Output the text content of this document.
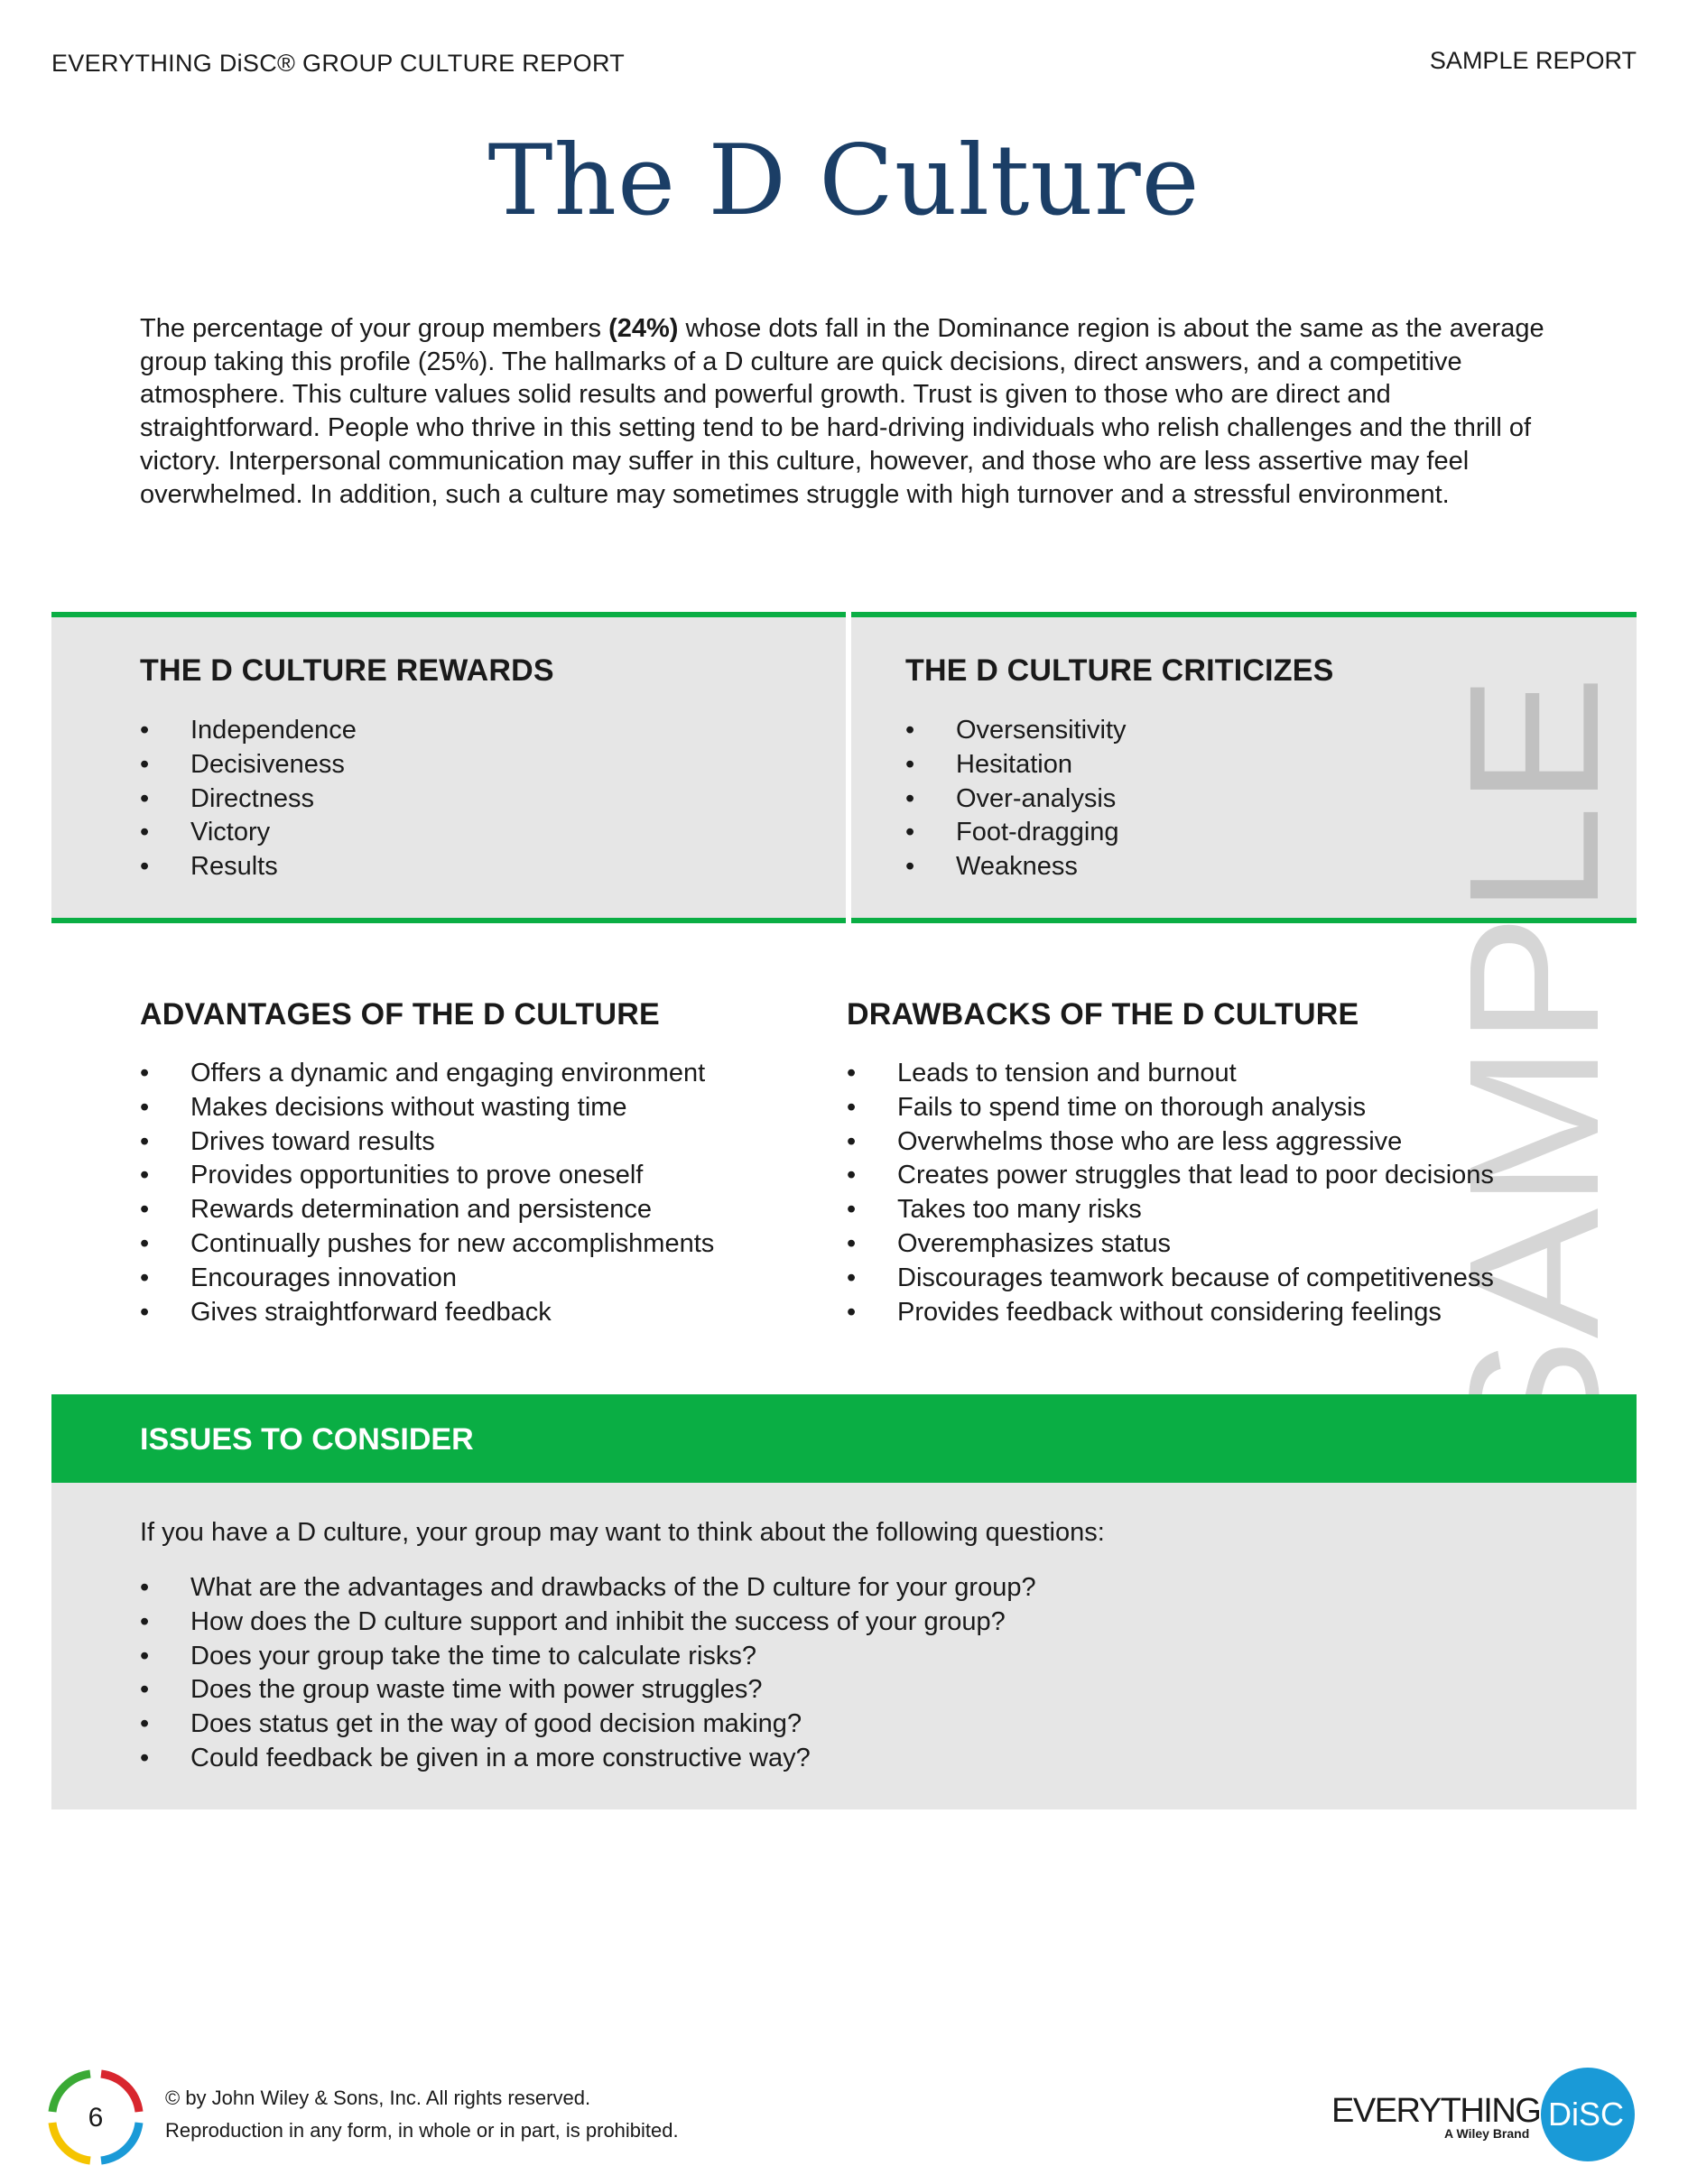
EVERYTHING DiSC® GROUP CULTURE REPORT	SAMPLE REPORT
The D Culture
The percentage of your group members (24%) whose dots fall in the Dominance region is about the same as the average group taking this profile (25%). The hallmarks of a D culture are quick decisions, direct answers, and a competitive atmosphere. This culture values solid results and powerful growth. Trust is given to those who are direct and straightforward. People who thrive in this setting tend to be hard-driving individuals who relish challenges and the thrill of victory. Interpersonal communication may suffer in this culture, however, and those who are less assertive may feel overwhelmed. In addition, such a culture may sometimes struggle with high turnover and a stressful environment.
THE D CULTURE REWARDS
• Independence
• Decisiveness
• Directness
• Victory
• Results
THE D CULTURE CRITICIZES
• Oversensitivity
• Hesitation
• Over-analysis
• Foot-dragging
• Weakness SAMPLE
ADVANTAGES OF THE D CULTURE
• Offers a dynamic and engaging environment
• Makes decisions without wasting time
• Drives toward results
• Provides opportunities to prove oneself
• Rewards determination and persistence
• Continually pushes for new accomplishments
• Encourages innovation
• Gives straightforward feedback
DRAWBACKS OF THE D CULTURE
• Leads to tension and burnout
• Fails to spend time on thorough analysis
• Overwhelms those who are less aggressive
• Creates power struggles that lead to poor decisions
• Takes too many risks
• Overemphasizes status
• Discourages teamwork because of competitiveness
• Provides feedback without considering feelings
ISSUES TO CONSIDER
If you have a D culture, your group may want to think about the following questions:
• What are the advantages and drawbacks of the D culture for your group?
• How does the D culture support and inhibit the success of your group?
• Does your group take the time to calculate risks?
• Does the group waste time with power struggles?
• Does status get in the way of good decision making?
• Could feedback be given in a more constructive way?
6
© by John Wiley & Sons, Inc. All rights reserved.
Reproduction in any form, in whole or in part, is prohibited.
EVERYTHING
A Wiley Brand
DiSC
